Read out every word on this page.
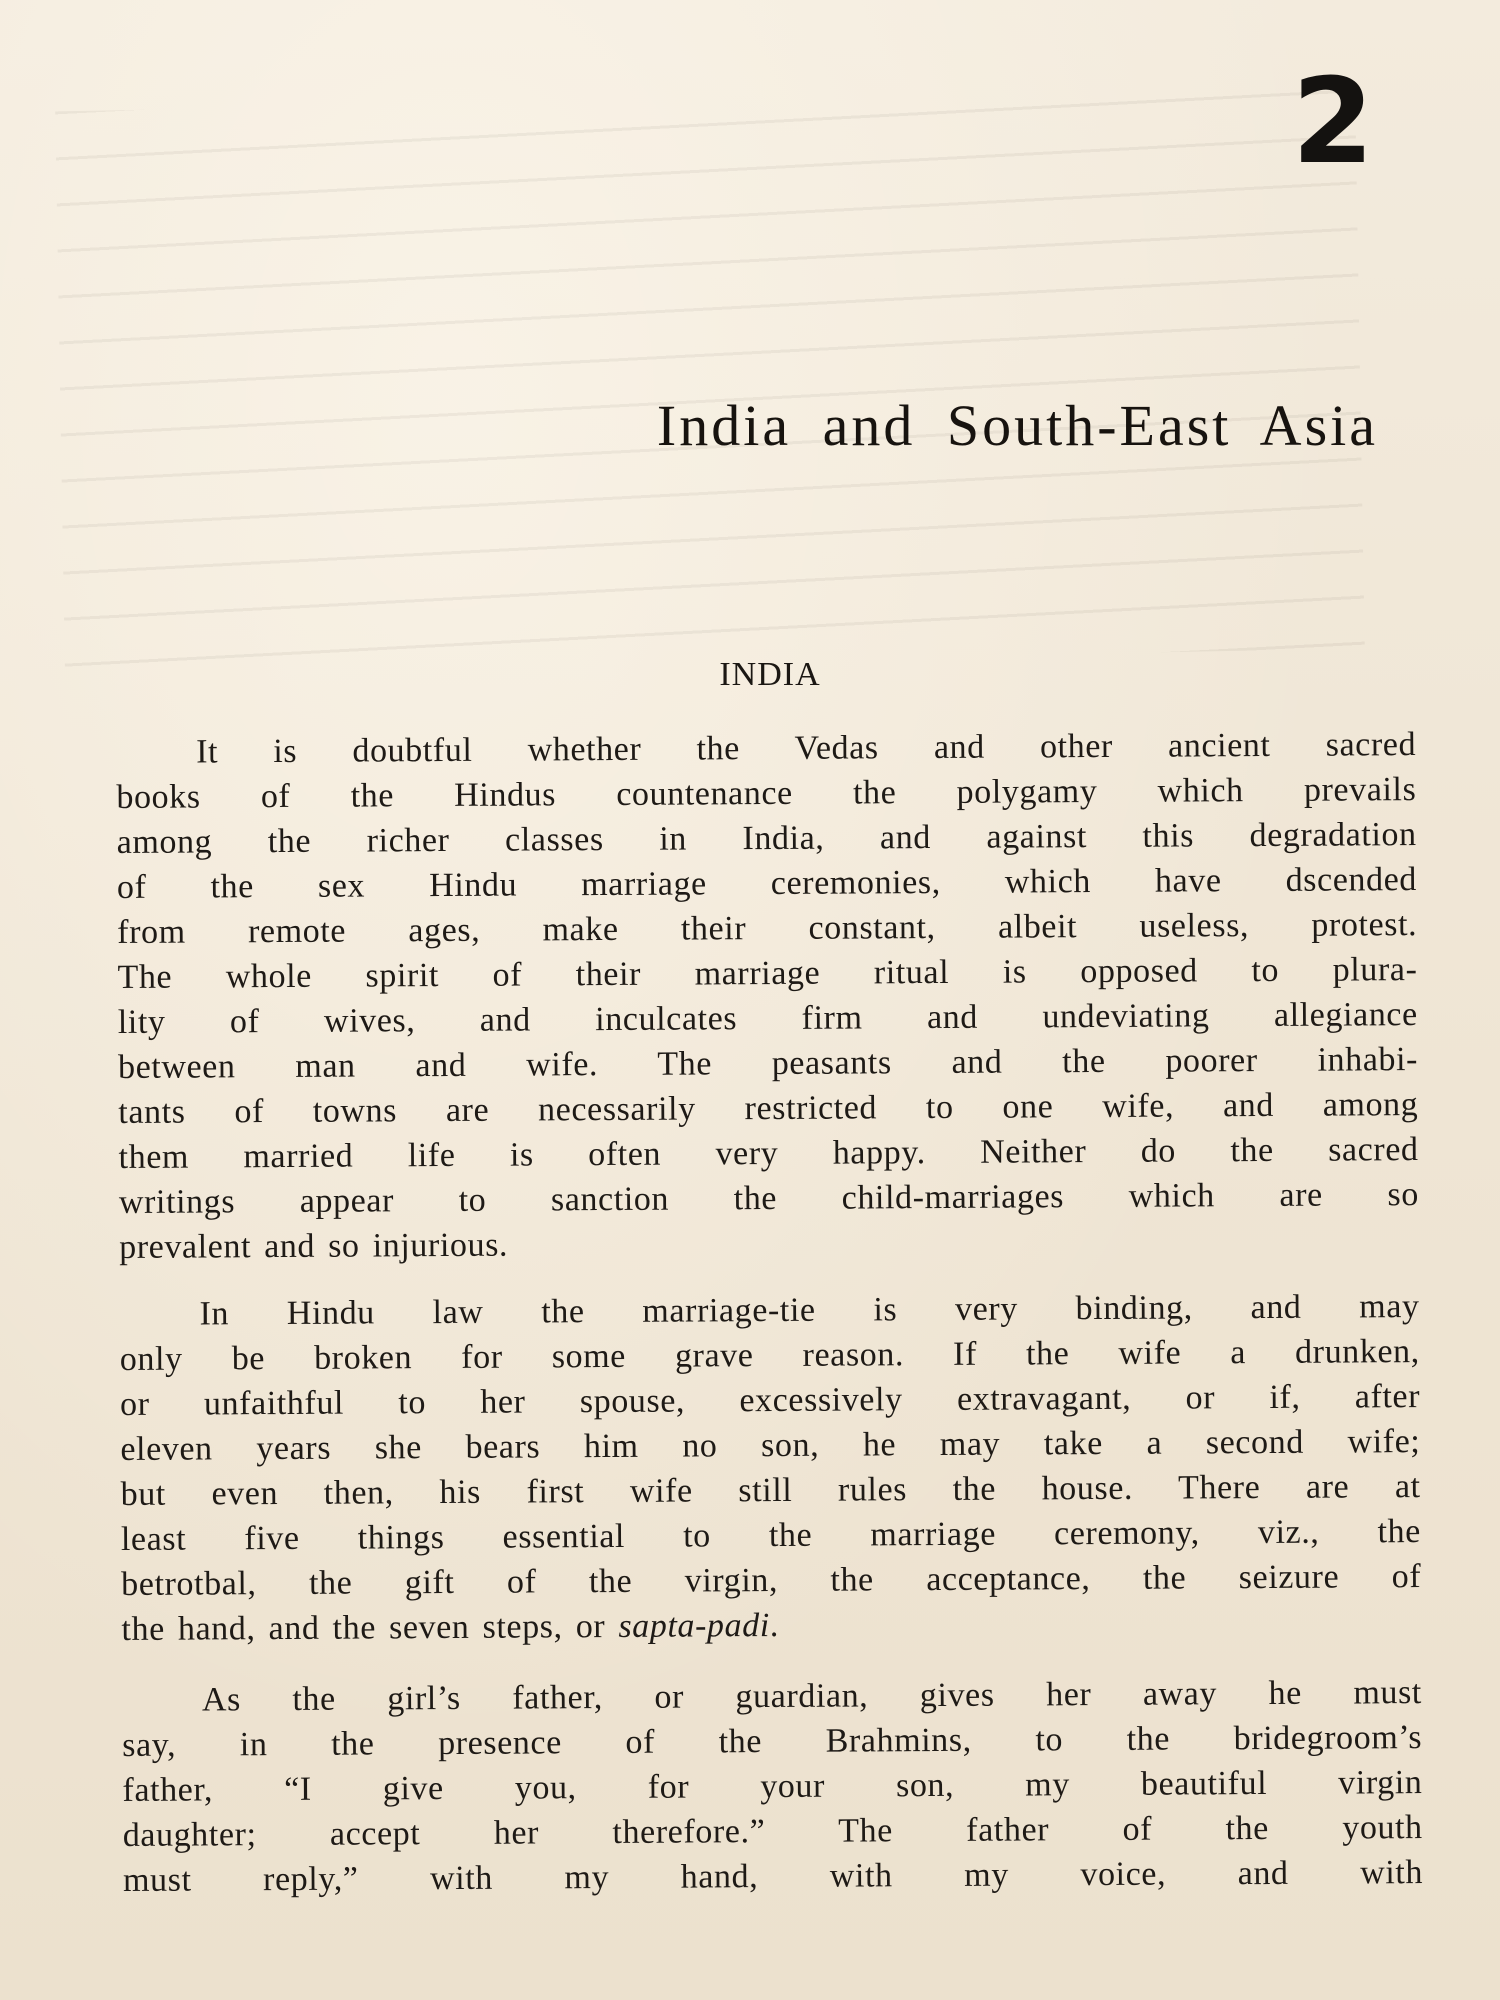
2
India and South-East Asia
INDIA

It is doubtful whether the Vedas and other ancient sacred
books of the Hindus countenance the polygamy which prevails
among the richer classes in India, and against this degradation
of the sex Hindu marriage ceremonies, which have dscended
from remote ages, make their constant, albeit useless, protest.
The whole spirit of their marriage ritual is opposed to plura-
lity of wives, and inculcates firm and undeviating allegiance
between man and wife. The peasants and the poorer inhabi-
tants of towns are necessarily restricted to one wife, and among
them married life is often very happy. Neither do the sacred
writings appear to sanction the child-marriages which are so
prevalent and so injurious.

In Hindu law the marriage-tie is very binding, and may
only be broken for some grave reason. If the wife a drunken,
or unfaithful to her spouse, excessively extravagant, or if, after
eleven years she bears him no son, he may take a second wife;
but even then, his first wife still rules the house. There are at
least five things essential to the marriage ceremony, viz., the
betrotbal, the gift of the virgin, the acceptance, the seizure of
the hand, and the seven steps, or sapta-padi.

As the girl’s father, or guardian, gives her away he must
say, in the presence of the Brahmins, to the bridegroom’s
father, “I give you, for your son, my beautiful virgin
daughter; accept her therefore.” The father of the youth
must reply,” with my hand, with my voice, and with
